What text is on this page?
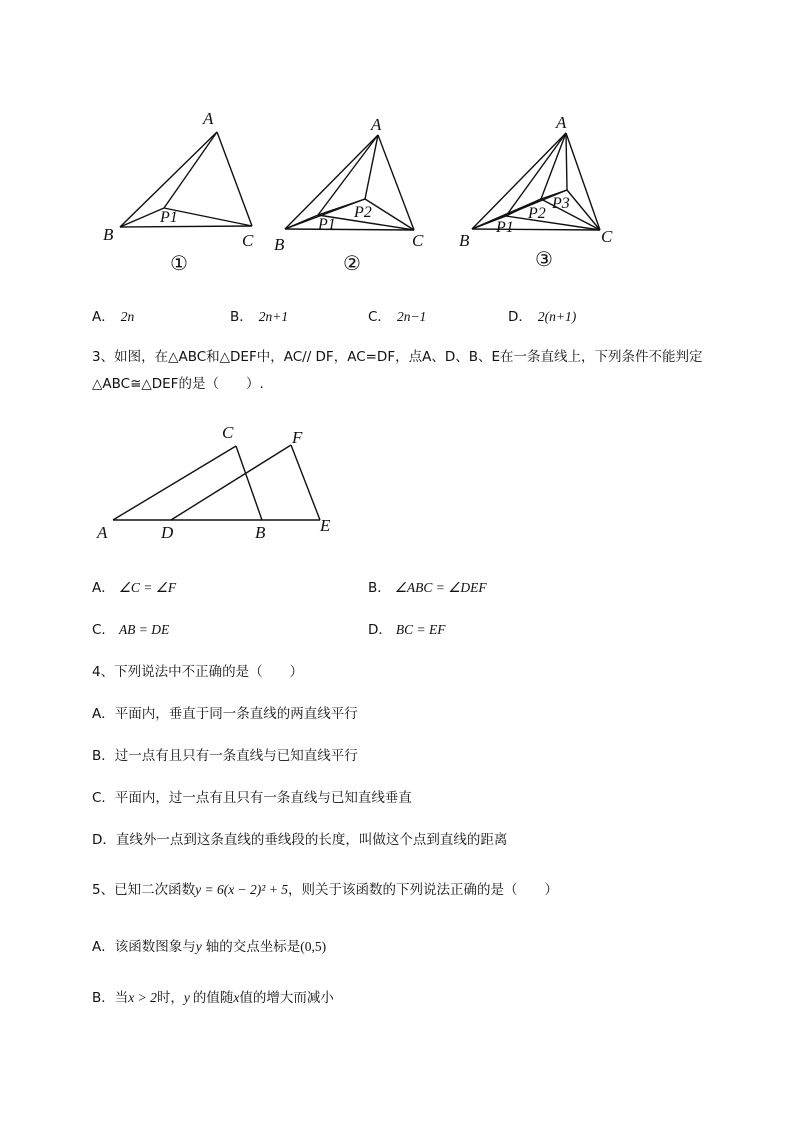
A
B	C
P1
①
A
B	C
P1
P2
②
A
B	C
P1
P2
P3
③
A． 2n	B． 2n+1	C． 2n−1	D． 2(n+1)
3、如图，在△ABC和△DEF中，AC// DF，AC=DF，点A、D、B、E在一条直线上，下列条件不能判定
△ABC≅△DEF的是（　　）.
A	D	B	E
C	F
A． ∠C = ∠F	B． ∠ABC = ∠DEF
C． AB = DE	D． BC = EF
4、下列说法中不正确的是（　　）
A．平面内，垂直于同一条直线的两直线平行
B．过一点有且只有一条直线与已知直线平行
C．平面内，过一点有且只有一条直线与已知直线垂直
D．直线外一点到这条直线的垂线段的长度，叫做这个点到直线的距离
5、已知二次函数y = 6(x − 2)² + 5，则关于该函数的下列说法正确的是（　　）
A．该函数图象与y 轴的交点坐标是(0,5)
B．当x > 2时，y 的值随x值的增大而减小
